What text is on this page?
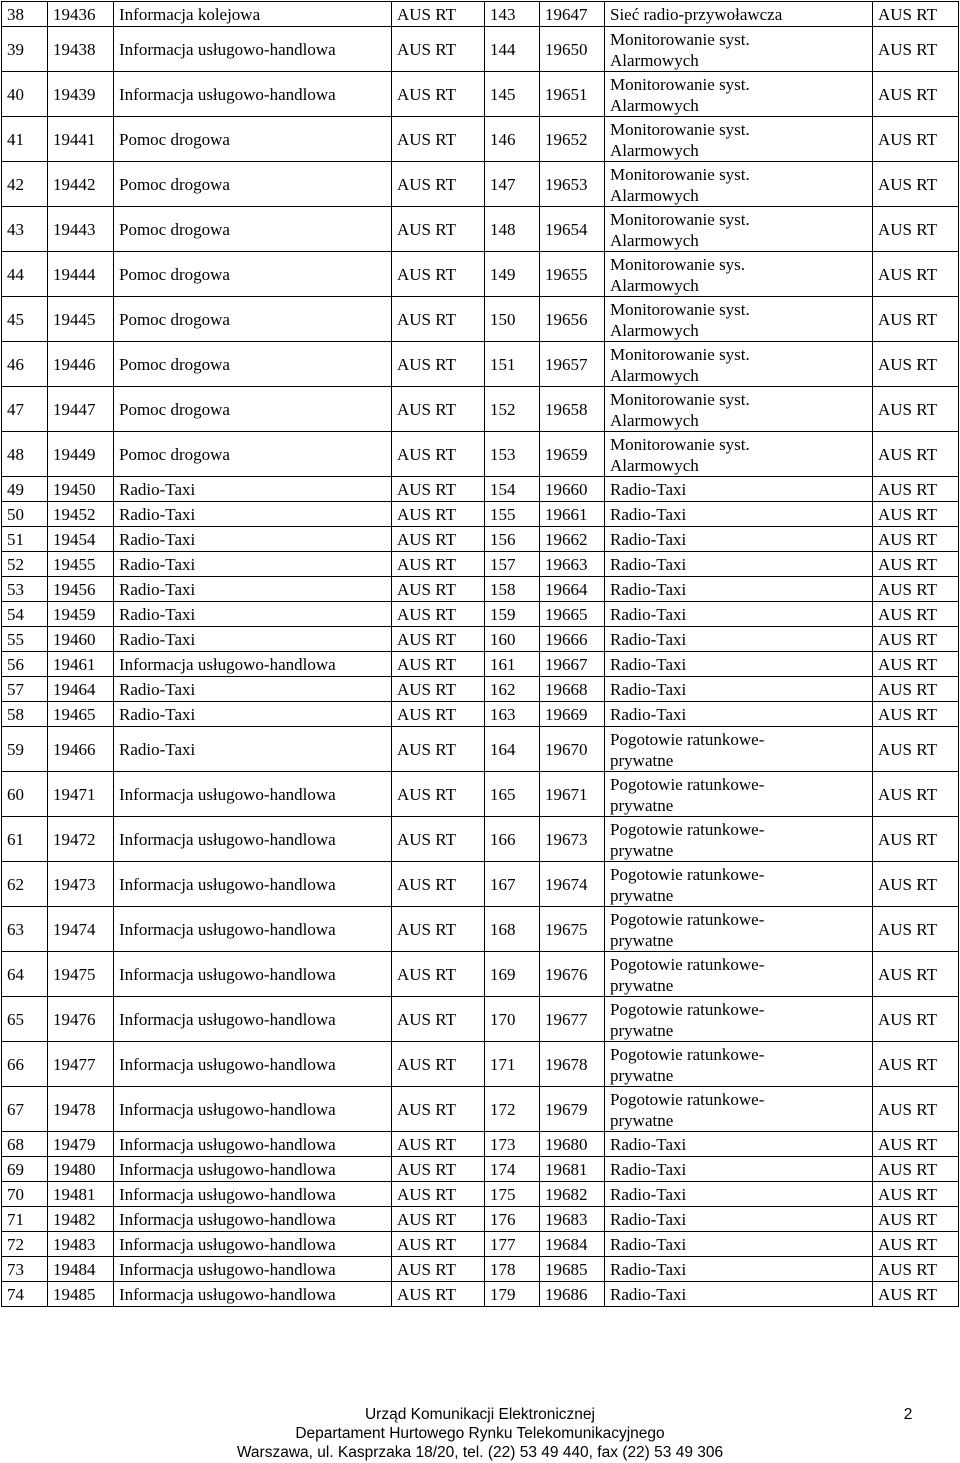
38	19436	Informacja kolejowa	AUS RT	143	19647	Sieć radio-przywoławcza	AUS RT
39	19438	Informacja usługowo-handlowa	AUS RT	144	19650	Monitorowanie syst.
Alarmowych	AUS RT
40	19439	Informacja usługowo-handlowa	AUS RT	145	19651	Monitorowanie syst.
Alarmowych	AUS RT
41	19441	Pomoc drogowa	AUS RT	146	19652	Monitorowanie syst.
Alarmowych	AUS RT
42	19442	Pomoc drogowa	AUS RT	147	19653	Monitorowanie syst.
Alarmowych	AUS RT
43	19443	Pomoc drogowa	AUS RT	148	19654	Monitorowanie syst.
Alarmowych	AUS RT
44	19444	Pomoc drogowa	AUS RT	149	19655	Monitorowanie sys.
Alarmowych	AUS RT
45	19445	Pomoc drogowa	AUS RT	150	19656	Monitorowanie syst.
Alarmowych	AUS RT
46	19446	Pomoc drogowa	AUS RT	151	19657	Monitorowanie syst.
Alarmowych	AUS RT
47	19447	Pomoc drogowa	AUS RT	152	19658	Monitorowanie syst.
Alarmowych	AUS RT
48	19449	Pomoc drogowa	AUS RT	153	19659	Monitorowanie syst.
Alarmowych	AUS RT
49	19450	Radio-Taxi	AUS RT	154	19660	Radio-Taxi	AUS RT
50	19452	Radio-Taxi	AUS RT	155	19661	Radio-Taxi	AUS RT
51	19454	Radio-Taxi	AUS RT	156	19662	Radio-Taxi	AUS RT
52	19455	Radio-Taxi	AUS RT	157	19663	Radio-Taxi	AUS RT
53	19456	Radio-Taxi	AUS RT	158	19664	Radio-Taxi	AUS RT
54	19459	Radio-Taxi	AUS RT	159	19665	Radio-Taxi	AUS RT
55	19460	Radio-Taxi	AUS RT	160	19666	Radio-Taxi	AUS RT
56	19461	Informacja usługowo-handlowa	AUS RT	161	19667	Radio-Taxi	AUS RT
57	19464	Radio-Taxi	AUS RT	162	19668	Radio-Taxi	AUS RT
58	19465	Radio-Taxi	AUS RT	163	19669	Radio-Taxi	AUS RT
59	19466	Radio-Taxi	AUS RT	164	19670	Pogotowie ratunkowe-
prywatne	AUS RT
60	19471	Informacja usługowo-handlowa	AUS RT	165	19671	Pogotowie ratunkowe-
prywatne	AUS RT
61	19472	Informacja usługowo-handlowa	AUS RT	166	19673	Pogotowie ratunkowe-
prywatne	AUS RT
62	19473	Informacja usługowo-handlowa	AUS RT	167	19674	Pogotowie ratunkowe-
prywatne	AUS RT
63	19474	Informacja usługowo-handlowa	AUS RT	168	19675	Pogotowie ratunkowe-
prywatne	AUS RT
64	19475	Informacja usługowo-handlowa	AUS RT	169	19676	Pogotowie ratunkowe-
prywatne	AUS RT
65	19476	Informacja usługowo-handlowa	AUS RT	170	19677	Pogotowie ratunkowe-
prywatne	AUS RT
66	19477	Informacja usługowo-handlowa	AUS RT	171	19678	Pogotowie ratunkowe-
prywatne	AUS RT
67	19478	Informacja usługowo-handlowa	AUS RT	172	19679	Pogotowie ratunkowe-
prywatne	AUS RT
68	19479	Informacja usługowo-handlowa	AUS RT	173	19680	Radio-Taxi	AUS RT
69	19480	Informacja usługowo-handlowa	AUS RT	174	19681	Radio-Taxi	AUS RT
70	19481	Informacja usługowo-handlowa	AUS RT	175	19682	Radio-Taxi	AUS RT
71	19482	Informacja usługowo-handlowa	AUS RT	176	19683	Radio-Taxi	AUS RT
72	19483	Informacja usługowo-handlowa	AUS RT	177	19684	Radio-Taxi	AUS RT
73	19484	Informacja usługowo-handlowa	AUS RT	178	19685	Radio-Taxi	AUS RT
74	19485	Informacja usługowo-handlowa	AUS RT	179	19686	Radio-Taxi	AUS RT
Urząd Komunikacji Elektronicznej
Departament Hurtowego Rynku Telekomunikacyjnego
Warszawa, ul. Kasprzaka 18/20, tel. (22) 53 49 440, fax (22) 53 49 306
2
